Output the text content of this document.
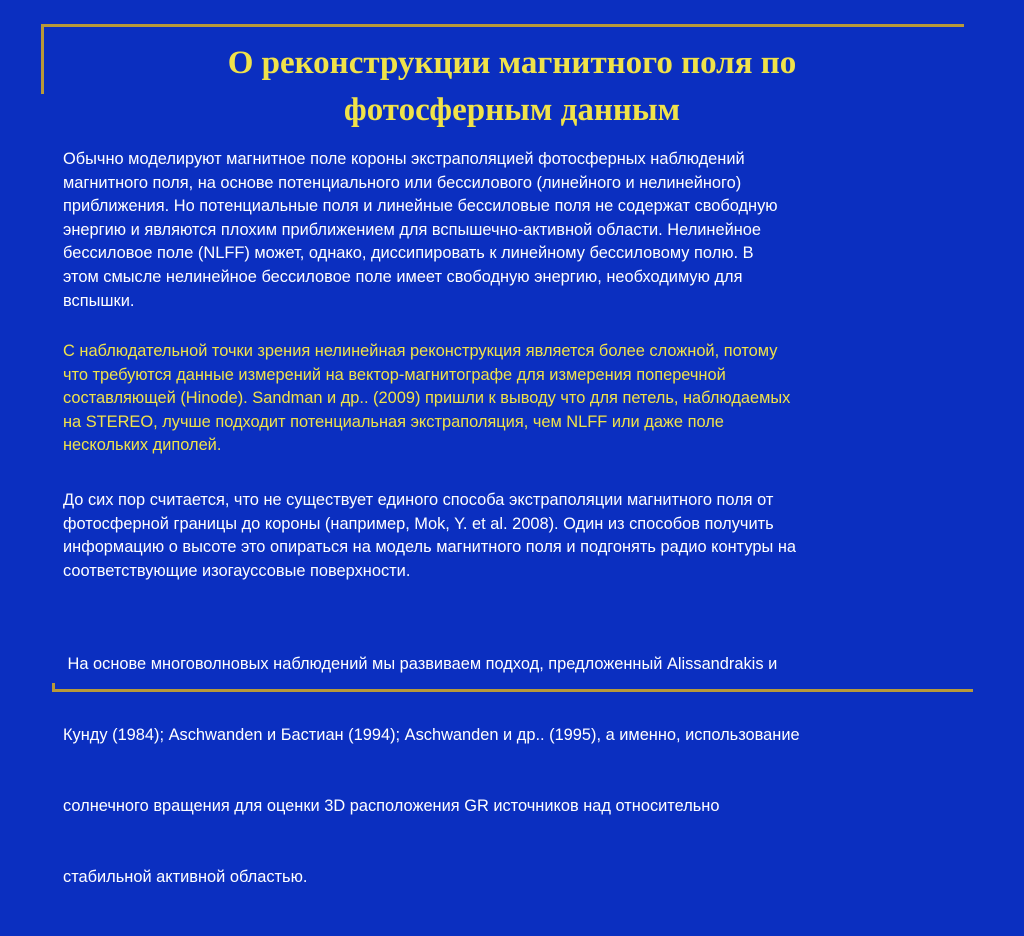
О реконструкции магнитного поля по
фотосферным данным
Обычно моделируют магнитное поле короны экстраполяцией фотосферных наблюдений
магнитного поля, на основе потенциального или бессилового (линейного и нелинейного)
приближения. Но потенциальные поля и линейные бессиловые поля не содержат свободную
энергию и являются плохим приближением для вспышечно-активной области. Нелинейное
бессиловое поле (NLFF) может, однако, диссипировать к линейному бессиловому полю. В
этом смысле нелинейное бессиловое поле имеет свободную энергию, необходимую для
вспышки.
С наблюдательной точки зрения нелинейная реконструкция является более сложной, потому
что требуются данные измерений на вектор-магнитографе для измерения поперечной
составляющей (Hinode). Sandman и др.. (2009) пришли к выводу что для петель, наблюдаемых
на STEREO, лучше подходит потенциальная экстраполяция, чем NLFF или даже поле
нескольких диполей.
До сих пор считается, что не существует единого способа экстраполяции магнитного поля от
фотосферной границы до короны (например, Mok, Y. et al. 2008). Один из способов получить
информацию о высоте это опираться на модель магнитного поля и подгонять радио контуры на
соответствующие изогауссовые поверхности.

На основе многоволновых наблюдений мы развиваем подход, предложенный Alissandrakis и

Кунду (1984); Aschwanden и Бастиан (1994); Aschwanden и др.. (1995), а именно, использование

солнечного вращения для оценки 3D расположения GR источников над относительно

стабильной активной областью.
